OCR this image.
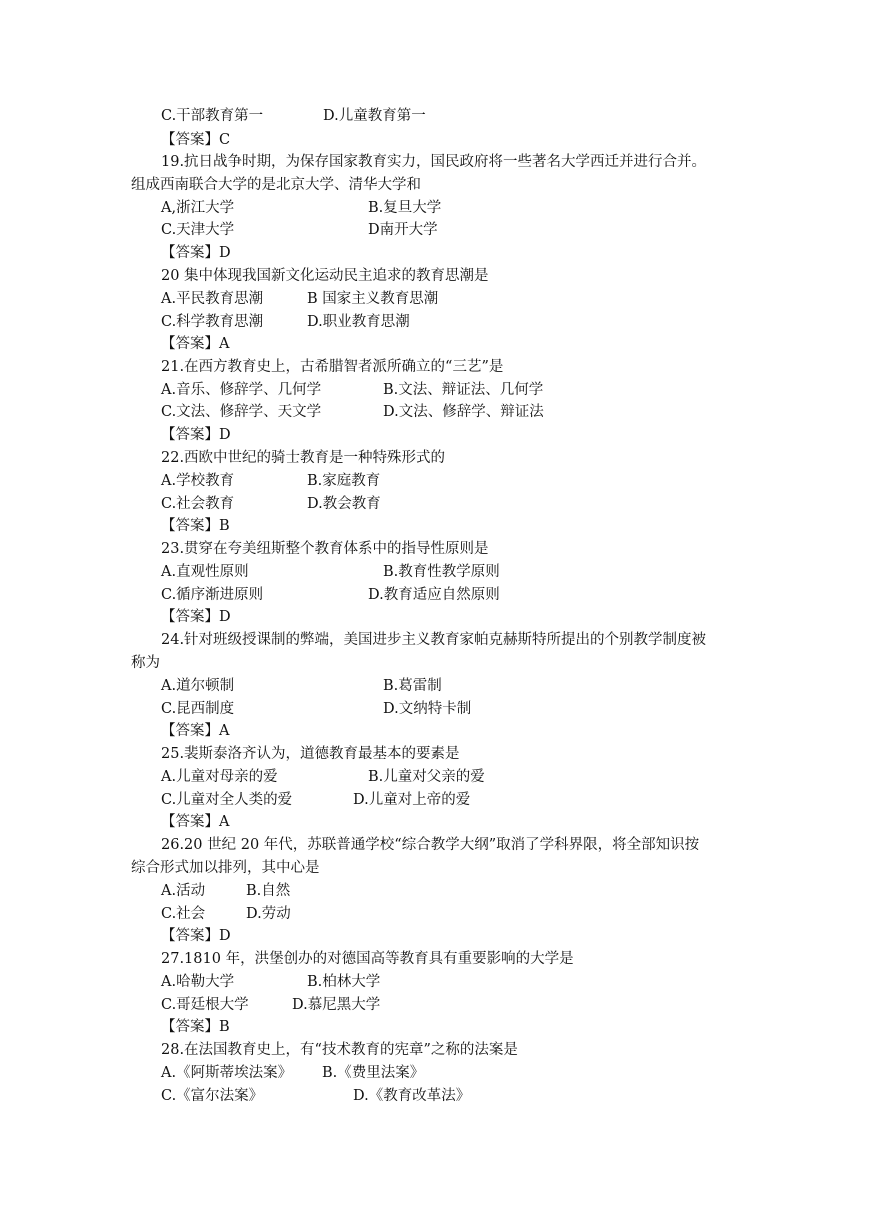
C.干部教育第一	D.儿童教育第一
【答案】C
19.抗日战争时期，为保存国家教育实力，国民政府将一些著名大学西迁并进行合并。
组成西南联合大学的是北京大学、清华大学和
A,浙江大学	B.复旦大学
C.天津大学	D南开大学
【答案】D
20 集中体现我国新文化运动民主追求的教育思潮是
A.平民教育思潮	B 国家主义教育思潮
C.科学教育思潮	D.职业教育思潮
【答案】A
21.在西方教育史上，古希腊智者派所确立的“三艺”是
A.音乐、修辞学、几何学	B.文法、辩证法、几何学
C.文法、修辞学、天文学	D.文法、修辞学、辩证法
【答案】D
22.西欧中世纪的骑士教育是一种特殊形式的
A.学校教育	B.家庭教育
C.社会教育	D.教会教育
【答案】B
23.贯穿在夸美纽斯整个教育体系中的指导性原则是
A.直观性原则	B.教育性教学原则
C.循序渐进原则	D.教育适应自然原则
【答案】D
24.针对班级授课制的弊端，美国进步主义教育家帕克赫斯特所提出的个别教学制度被
称为
A.道尔顿制	B.葛雷制
C.昆西制度	D.文纳特卡制
【答案】A
25.裴斯泰洛齐认为，道德教育最基本的要素是
A.儿童对母亲的爱	B.儿童对父亲的爱
C.儿童对全人类的爱	D.儿童对上帝的爱
【答案】A
26.20 世纪 20 年代，苏联普通学校“综合教学大纲”取消了学科界限，将全部知识按
综合形式加以排列，其中心是
A.活动	B.自然
C.社会	D.劳动
【答案】D
27.1810 年，洪堡创办的对德国高等教育具有重要影响的大学是
A.哈勒大学	B.柏林大学
C.哥廷根大学	D.慕尼黑大学
【答案】B
28.在法国教育史上，有“技术教育的宪章”之称的法案是
A.《阿斯蒂埃法案》 B.《费里法案》
C.《富尔法案》	D.《教育改革法》
